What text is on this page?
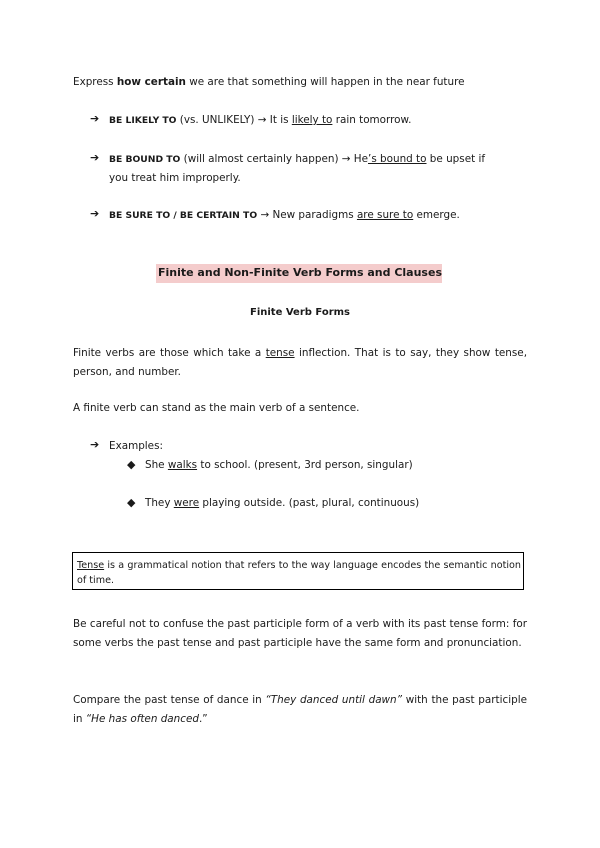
Express how certain we are that something will happen in the near future
➔ BE LIKELY TO (vs. UNLIKELY) → It is likely to rain tomorrow.
➔ BE BOUND TO (will almost certainly happen) → He’s bound to be upset if
you treat him improperly.
➔ BE SURE TO / BE CERTAIN TO → New paradigms are sure to emerge.
Finite and Non-Finite Verb Forms and Clauses
Finite Verb Forms
Finite verbs are those which take a tense inflection. That is to say, they show tense, person, and number.
A finite verb can stand as the main verb of a sentence.
➔ Examples:
◆ She walks to school. (present, 3rd person, singular)
◆ They were playing outside. (past, plural, continuous)
Tense is a grammatical notion that refers to the way language encodes the semantic notion of time.
Be careful not to confuse the past participle form of a verb with its past tense form: for some verbs the past tense and past participle have the same form and pronunciation.
Compare the past tense of dance in “They danced until dawn” with the past participle in “He has often danced.”
